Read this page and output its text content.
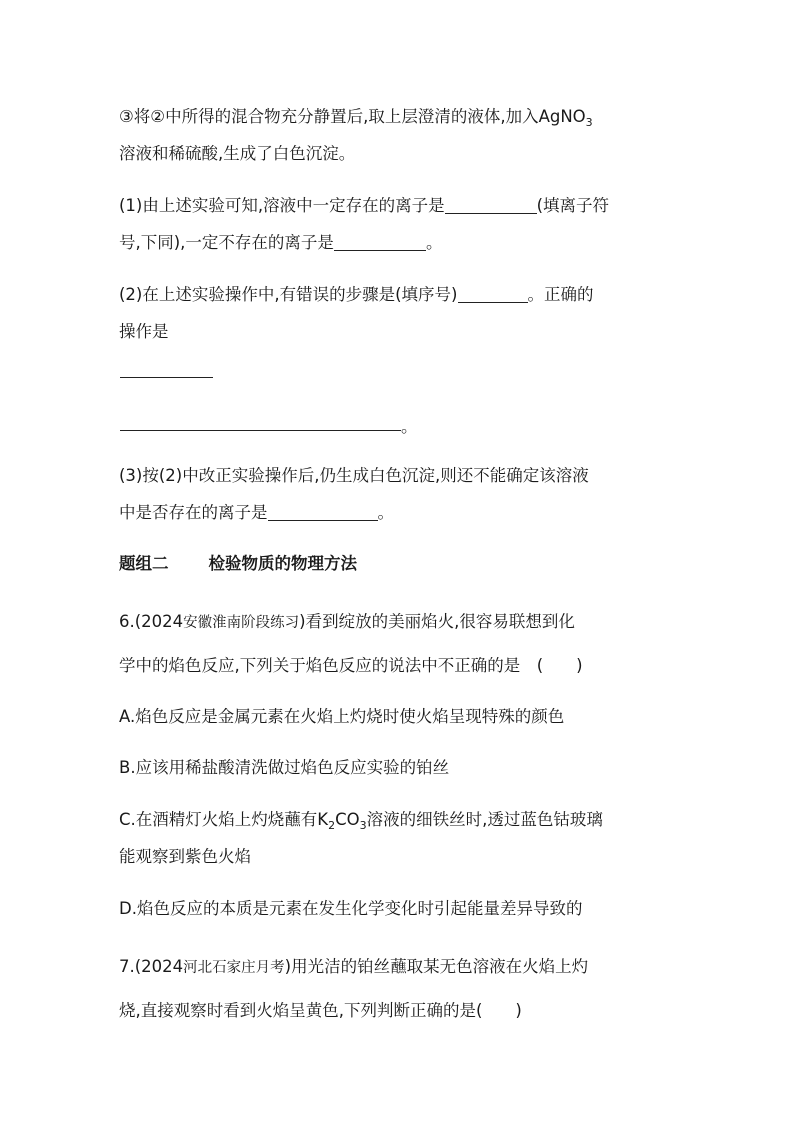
③将②中所得的混合物充分静置后,取上层澄清的液体,加入AgNO$_3$
溶液和稀硫酸,生成了白色沉淀。
(1)由上述实验可知,溶液中一定存在的离子是	(填离子符
号,下同),一定不存在的离子是	。
(2)在上述实验操作中,有错误的步骤是(填序号)	。正确的
操作是
。
(3)按(2)中改正实验操作后,仍生成白色沉淀,则还不能确定该溶液
中是否存在的离子是	。
题组二 检验物质的物理方法
6.(2024安徽淮南阶段练习)看到绽放的美丽焰火,很容易联想到化
学中的焰色反应,下列关于焰色反应的说法中不正确的是　(　　)
A.焰色反应是金属元素在火焰上灼烧时使火焰呈现特殊的颜色
B.应该用稀盐酸清洗做过焰色反应实验的铂丝
C.在酒精灯火焰上灼烧蘸有$K_2CO_3$溶液的细铁丝时,透过蓝色钴玻璃
能观察到紫色火焰
D.焰色反应的本质是元素在发生化学变化时引起能量差异导致的
7.(2024河北石家庄月考)用光洁的铂丝蘸取某无色溶液在火焰上灼
烧,直接观察时看到火焰呈黄色,下列判断正确的是(　　)
